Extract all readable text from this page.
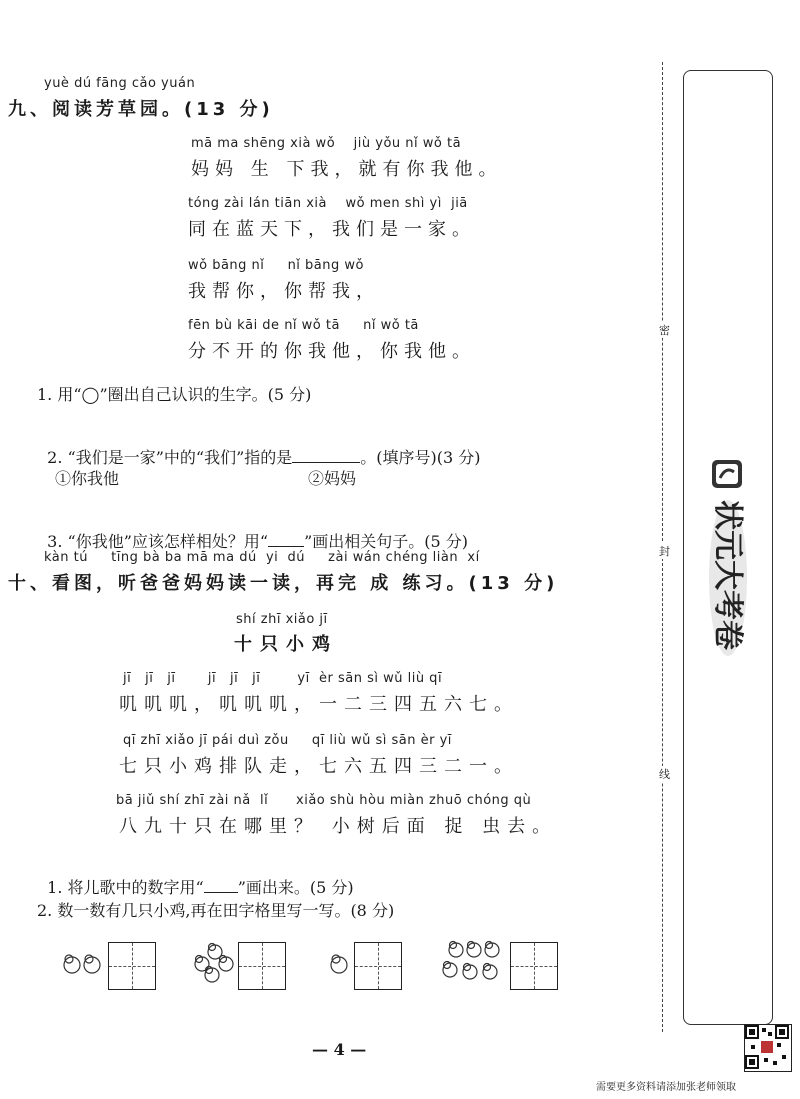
密
封
线
状元大考卷
yuè dú fāng cǎo yuán
九、阅读芳草园。(13 分)
mā ma shēng xià wǒ    jiù yǒu nǐ wǒ tā
妈妈 生 下我，就有你我他。
tóng zài lán tiān xià    wǒ men shì yì  jiā
同在蓝天下，我们是一家。
wǒ bāng nǐ     nǐ bāng wǒ
我帮你，你帮我，
fēn bù kāi de nǐ wǒ tā     nǐ wǒ tā
分不开的你我他，你我他。
1. 用“◯”圈出自己认识的生字。(5 分)

2. “我们是一家”中的“我们”指的是	。(填序号)(3 分)

①你我他	②妈妈

3. “你我他”应该怎样相处？用“ ”画出相关句子。(5 分)

kàn tú     tīng bà ba mā ma dú  yi  dú     zài wán chéng liàn  xí
十、看图，听爸爸妈妈读一读，再完 成 练习。(13 分)
shí zhī xiǎo jī
十只小鸡
jī   jī   jī       jī   jī   jī        yī  èr sān sì wǔ liù qī
叽叽叽，叽叽叽，一二三四五六七。
qī zhī xiǎo jī pái duì zǒu     qī liù wǔ sì sān èr yī
七只小鸡排队走，七六五四三二一。
bā jiǔ shí zhī zài nǎ  lǐ      xiǎo shù hòu miàn zhuō chóng qù
八九十只在哪里？ 小树后面 捉 虫去。

1. 将儿歌中的数字用“ ”画出来。(5 分)

2. 数一数有几只小鸡,再在田字格里写一写。(8 分)
— 4 —
需要更多资料请添加张老师领取
